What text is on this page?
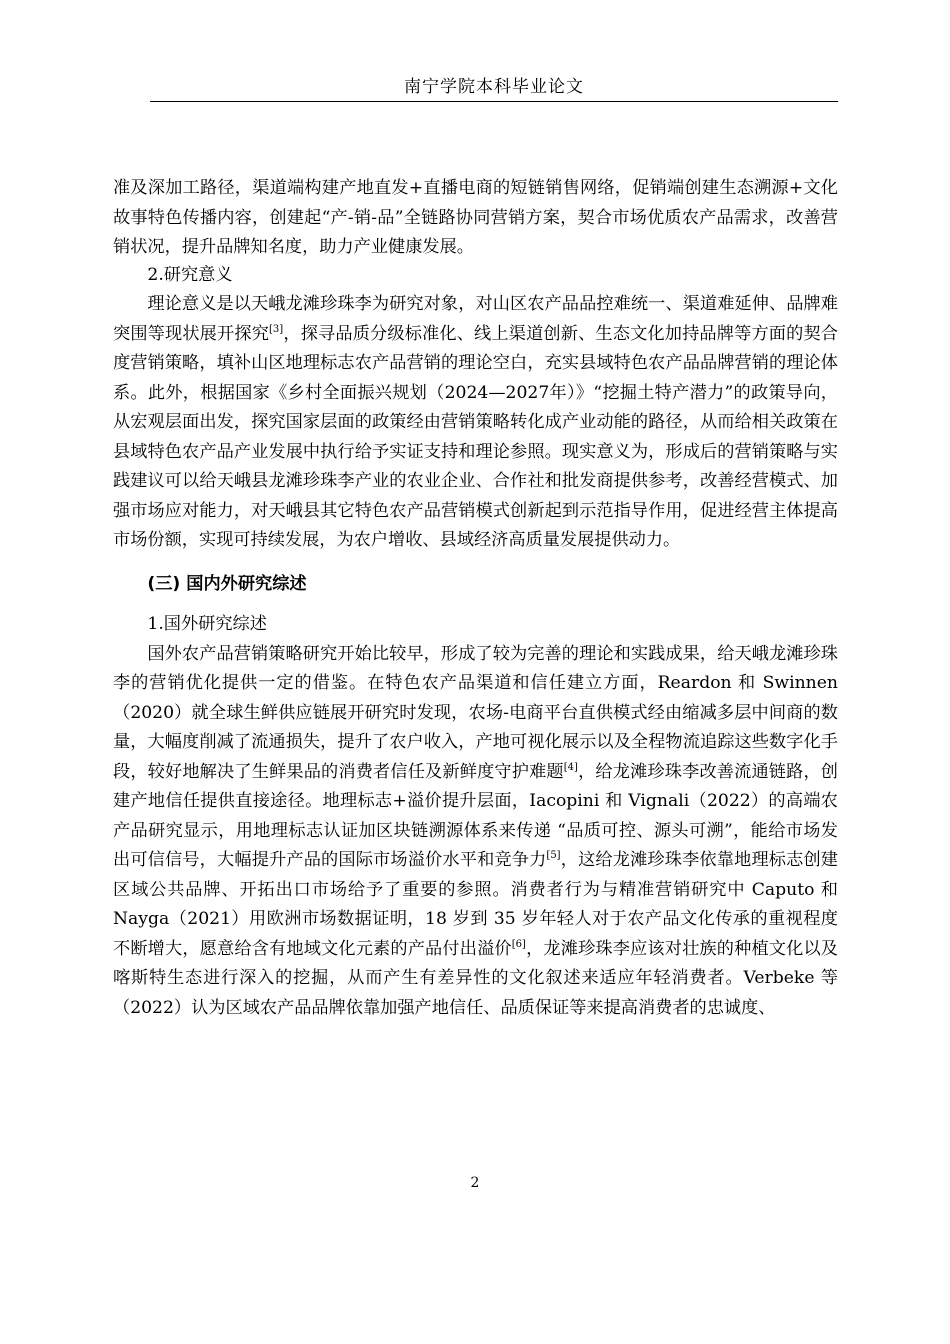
南宁学院本科毕业论文

准及深加工路径，渠道端构建产地直发+直播电商的短链销售网络，促销端创建生态溯源+文化故事特色传播内容，创建起“产-销-品”全链路协同营销方案，契合市场优质农产品需求，改善营销状况，提升品牌知名度，助力产业健康发展。

2.研究意义

理论意义是以天峨龙滩珍珠李为研究对象，对山区农产品品控难统一、渠道难延伸、品牌难突围等现状展开探究[3]，探寻品质分级标准化、线上渠道创新、生态文化加持品牌等方面的契合度营销策略，填补山区地理标志农产品营销的理论空白，充实县域特色农产品品牌营销的理论体系。此外，根据国家《乡村全面振兴规划（2024—2027年）》“挖掘土特产潜力”的政策导向，从宏观层面出发，探究国家层面的政策经由营销策略转化成产业动能的路径，从而给相关政策在县域特色农产品产业发展中执行给予实证支持和理论参照。现实意义为，形成后的营销策略与实践建议可以给天峨县龙滩珍珠李产业的农业企业、合作社和批发商提供参考，改善经营模式、加强市场应对能力，对天峨县其它特色农产品营销模式创新起到示范指导作用，促进经营主体提高市场份额，实现可持续发展，为农户增收、县域经济高质量发展提供动力。

(三) 国内外研究综述

1.国外研究综述

国外农产品营销策略研究开始比较早，形成了较为完善的理论和实践成果，给天峨龙滩珍珠李的营销优化提供一定的借鉴。在特色农产品渠道和信任建立方面，Reardon 和 Swinnen（2020）就全球生鲜供应链展开研究时发现，农场-电商平台直供模式经由缩减多层中间商的数量，大幅度削减了流通损失，提升了农户收入，产地可视化展示以及全程物流追踪这些数字化手段，较好地解决了生鲜果品的消费者信任及新鲜度守护难题[4]，给龙滩珍珠李改善流通链路，创建产地信任提供直接途径。地理标志+溢价提升层面，Iacopini 和 Vignali（2022）的高端农产品研究显示，用地理标志认证加区块链溯源体系来传递 “品质可控、源头可溯”，能给市场发出可信信号，大幅提升产品的国际市场溢价水平和竞争力[5]，这给龙滩珍珠李依靠地理标志创建区域公共品牌、开拓出口市场给予了重要的参照。消费者行为与精准营销研究中 Caputo 和 Nayga（2021）用欧洲市场数据证明，18 岁到 35 岁年轻人对于农产品文化传承的重视程度不断增大，愿意给含有地域文化元素的产品付出溢价[6]，龙滩珍珠李应该对壮族的种植文化以及喀斯特生态进行深入的挖掘，从而产生有差异性的文化叙述来适应年轻消费者。Verbeke 等（2022）认为区域农产品品牌依靠加强产地信任、品质保证等来提高消费者的忠诚度、

2
